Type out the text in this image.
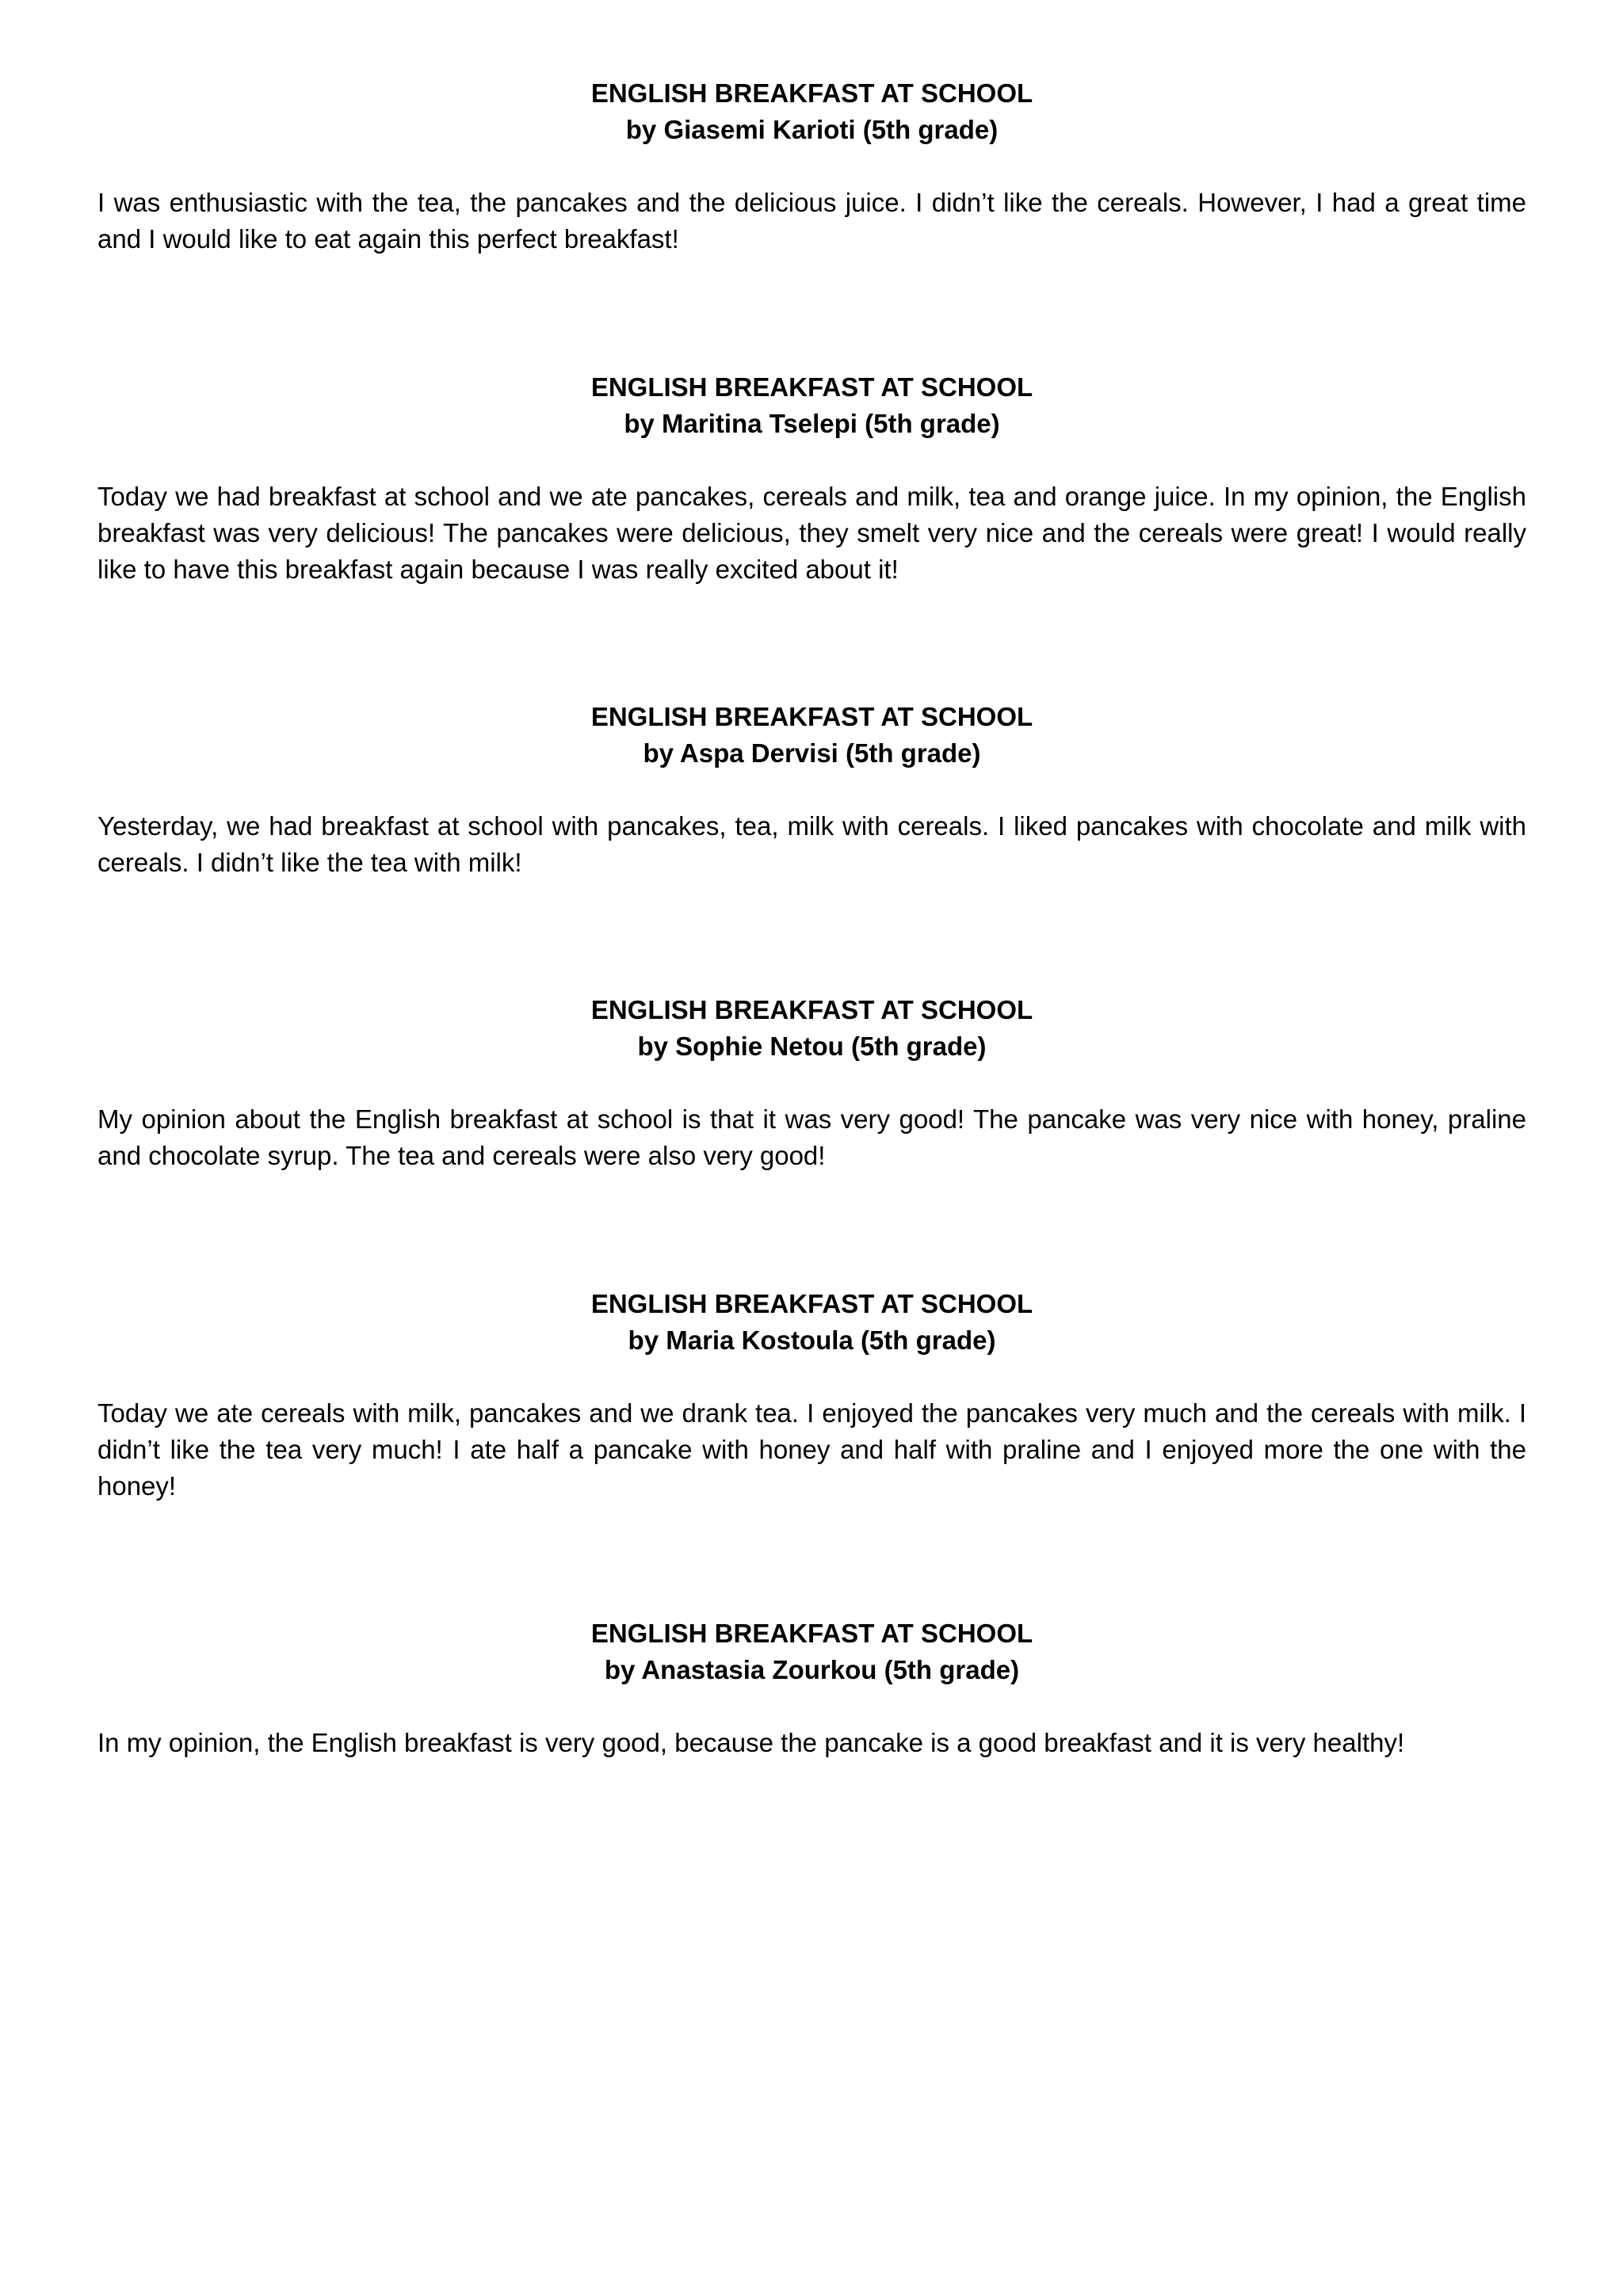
ENGLISH BREAKFAST AT SCHOOL

by Giasemi Karioti (5th grade)

I was enthusiastic with the tea, the pancakes and the delicious juice. I didn’t like the cereals. However, I had a great time and I would like to eat again this perfect breakfast!

ENGLISH BREAKFAST AT SCHOOL

by Maritina Tselepi (5th grade)

Today we had breakfast at school and we ate pancakes, cereals and milk, tea and orange juice. In my opinion, the English breakfast was very delicious! The pancakes were delicious, they smelt very nice and the cereals were great! I would really like to have this breakfast again because I was really excited about it!

ENGLISH BREAKFAST AT SCHOOL

by Aspa Dervisi (5th grade)

Yesterday, we had breakfast at school with pancakes, tea, milk with cereals. I liked pancakes with chocolate and milk with cereals. I didn’t like the tea with milk!

ENGLISH BREAKFAST AT SCHOOL

by Sophie Netou (5th grade)

My opinion about the English breakfast at school is that it was very good! The pancake was very nice with honey, praline and chocolate syrup. The tea and cereals were also very good!

ENGLISH BREAKFAST AT SCHOOL

by Maria Kostoula (5th grade)

Today we ate cereals with milk, pancakes and we drank tea. I enjoyed the pancakes very much and the cereals with milk. I didn’t like the tea very much! I ate half a pancake with honey and half with praline and I enjoyed more the one with the honey!

ENGLISH BREAKFAST AT SCHOOL

by Anastasia Zourkou (5th grade)

In my opinion, the English breakfast is very good, because the pancake is a good breakfast and it is very healthy!
